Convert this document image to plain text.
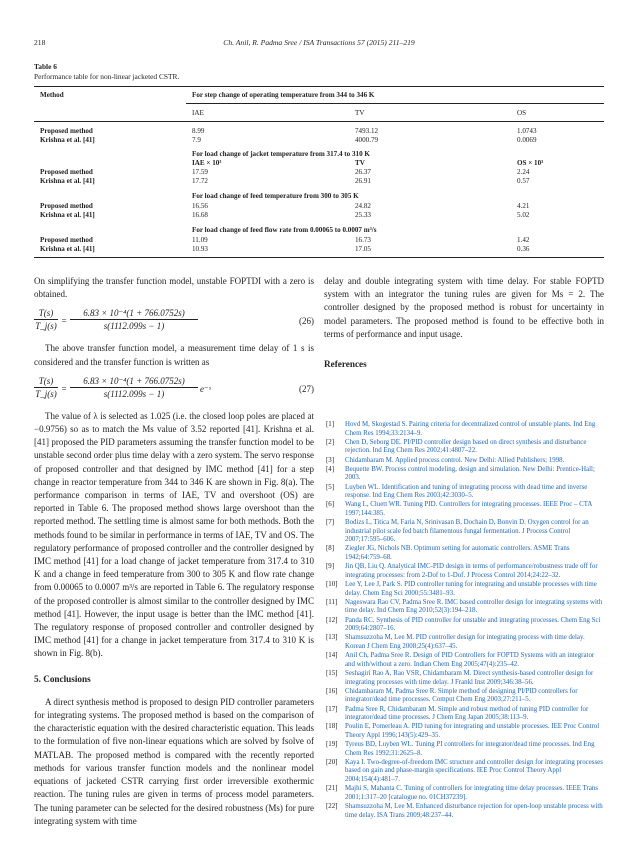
218	Ch. Anil, R. Padma Sree / ISA Transactions 57 (2015) 211–219
Table 6
Performance table for non-linear jacketed CSTR.
Method	For step change of operating temperature from 344 to 346 K
IAE	TV	OS
Proposed method	8.99	7493.12	1.0743
Krishna et al. [41]	7.9	4000.79	0.0069
For load change of jacket temperature from 317.4 to 310 K
IAE × 10³	TV	OS × 10³
Proposed method	17.59	26.37	2.24
Krishna et al. [41]	17.72	26.91	0.57
For load change of feed temperature from 300 to 305 K
Proposed method	16.56	24.82	4.21
Krishna et al. [41]	16.68	25.33	5.02
For load change of feed flow rate from 0.00065 to 0.0007 m³/s
Proposed method	11.09	16.73	1.42
Krishna et al. [41]	10.93	17.05	0.36

On simplifying the transfer function model, unstable FOPTDI with a zero is obtained.

$\frac{T(s)}{T\_j(s)} = \frac{\text{6.83 × 10⁻⁴(1 + 766.0752s)}}{s(1112.099s - 1)}$	(26)

The above transfer function model, a measurement time delay of 1 s is considered and the transfer function is written as

$\frac{T(s)}{T\_j(s)} = \frac{\text{6.83 × 10⁻⁴(1 + 766.0752s)}}{s(1112.099s - 1)}$ e⁻ˢ	(27)

The value of λ is selected as 1.025 (i.e. the closed loop poles are placed at −0.9756) so as to match the Ms value of 3.52 reported [41]. Krishna et al. [41] proposed the PID parameters assuming the transfer function model to be unstable second order plus time delay with a zero system. The servo response of proposed controller and that designed by IMC method [41] for a step change in reactor temperature from 344 to 346 K are shown in Fig. 8(a). The performance comparison in terms of IAE, TV and overshoot (OS) are reported in Table 6. The proposed method shows large overshoot than the reported method. The settling time is almost same for both methods. Both the methods found to be similar in performance in terms of IAE, TV and OS. The regulatory performance of proposed controller and the controller designed by IMC method [41] for a load change of jacket temperature from 317.4 to 310 K and a change in feed temperature from 300 to 305 K and flow rate change from 0.00065 to 0.0007 m³/s are reported in Table 6. The regulatory response of the proposed controller is almost similar to the controller designed by IMC method [41]. However, the input usage is better than the IMC method [41]. The regulatory response of proposed controller and controller designed by IMC method [41] for a change in jacket temperature from 317.4 to 310 K is shown in Fig. 8(b).

5. Conclusions

A direct synthesis method is proposed to design PID controller parameters for integrating systems. The proposed method is based on the comparison of the characteristic equation with the desired characteristic equation. This leads to the formulation of five non-linear equations which are solved by fsolve of MATLAB. The proposed method is compared with the recently reported methods for various transfer function models and the nonlinear model equations of jacketed CSTR carrying first order irreversible exothermic reaction. The tuning rules are given in terms of process model parameters. The tuning parameter can be selected for the desired robustness (Ms) for pure integrating system with time

delay and double integrating system with time delay. For stable FOPTD system with an integrator the tuning rules are given for Ms = 2. The controller designed by the proposed method is robust for uncertainty in model parameters. The proposed method is found to be effective both in terms of performance and input usage.

References
[1]	Hovd M, Skogestad S. Pairing criteria for decentralized control of unstable plants. Ind Eng Chem Res 1994;33:2134–9.
[2]	Chen D, Seborg DE. PI/PID controller design based on direct synthesis and disturbance rejection. Ind Eng Chem Res 2002;41:4807–22.
[3]	Chidambaram M. Applied process control. New Delhi: Allied Publishers; 1998.
[4]	Bequette BW. Process control modeling, design and simulation. New Delhi: Prentice-Hall; 2003.
[5]	Luyben WL. Identification and tuning of integrating process with dead time and inverse response. Ind Eng Chem Res 2003;42:3030–5.
[6]	Wang L, Cluett WR. Tuning PID. Controllers for integrating processes. IEEE Proc – CTA 1997;144:385.
[7]	Bodizs L, Titica M, Faria N, Srinivasan B, Dochain D, Bonvin D. Oxygen control for an industrial pilot scale fed batch filamentous fungal fermentation. J Process Control 2007;17:595–606.
[8]	Ziegler JG, Nichols NB. Optimum setting for automatic controllers. ASME Trans 1942;64:759–68.
[9]	Jin QB, Liu Q. Analytical IMC-PID design in terms of performance/robustness trade off for integrating processes: from 2-Dof to 1-Dof. J Process Control 2014;24:22–32.
[10]	Lee Y, Lee J, Park S. PID controller tuning for integrating and unstable processes with time delay. Chem Eng Sci 2000;55:3481–93.
[11]	Nageswara Rao CV, Padma Sree R. IMC based controller design for integrating systems with time delay. Ind Chem Eng 2010;52(3):194–218.
[12]	Panda RC. Synthesis of PID controller for unstable and integrating processes. Chem Eng Sci 2009;64:2807–16.
[13]	Shamsuzzoha M, Lee M. PID controller design for integrating process with time delay. Korean J Chem Eng 2008;25(4):637–45.
[14]	Anil Ch, Padma Sree R. Design of PID Controllers for FOPTD Systems with an integrator and with/without a zero. Indian Chem Eng 2005;47(4):235–42.
[15]	Seshagiri Rao A, Rao VSR, Chidambaram M. Direct synthesis-based controller design for integrating processes with time delay. J Frankl Inst 2009;346:38–56.
[16]	Chidambaram M, Padma Sree R. Simple method of designing PI/PID controllers for integrator/dead time processes. Comput Chem Eng 2003;27:211–5.
[17]	Padma Sree R, Chidambaram M. Simple and robust method of tuning PID controller for integrator/dead time processes. J Chem Eng Japan 2005;38:113–9.
[18]	Poulin E, Pomerleau A. PID tuning for integrating and unstable processes. IEE Proc Control Theory Appl 1996;143(5):429–35.
[19]	Tyreus BD, Luyben WL. Tuning PI controllers for integrator/dead time processes. Ind Eng Chem Res 1992;31:2625–8.
[20]	Kaya I. Two-degree-of-freedom IMC structure and controller design for integrating processes based on gain and phase-margin specifications. IEE Proc Control Theory Appl 2004;154(4):481–7.
[21]	Majhi S, Mahanta C. Tuning of controllers for integrating time delay processes. IEEE Trans 2001;1:317–20 [catalogue no. 01CH37239].
[22]	Shamsuzzoha M, Lee M. Enhanced disturbance rejection for open-loop unstable process with time delay. ISA Trans 2009;48:237–44.
